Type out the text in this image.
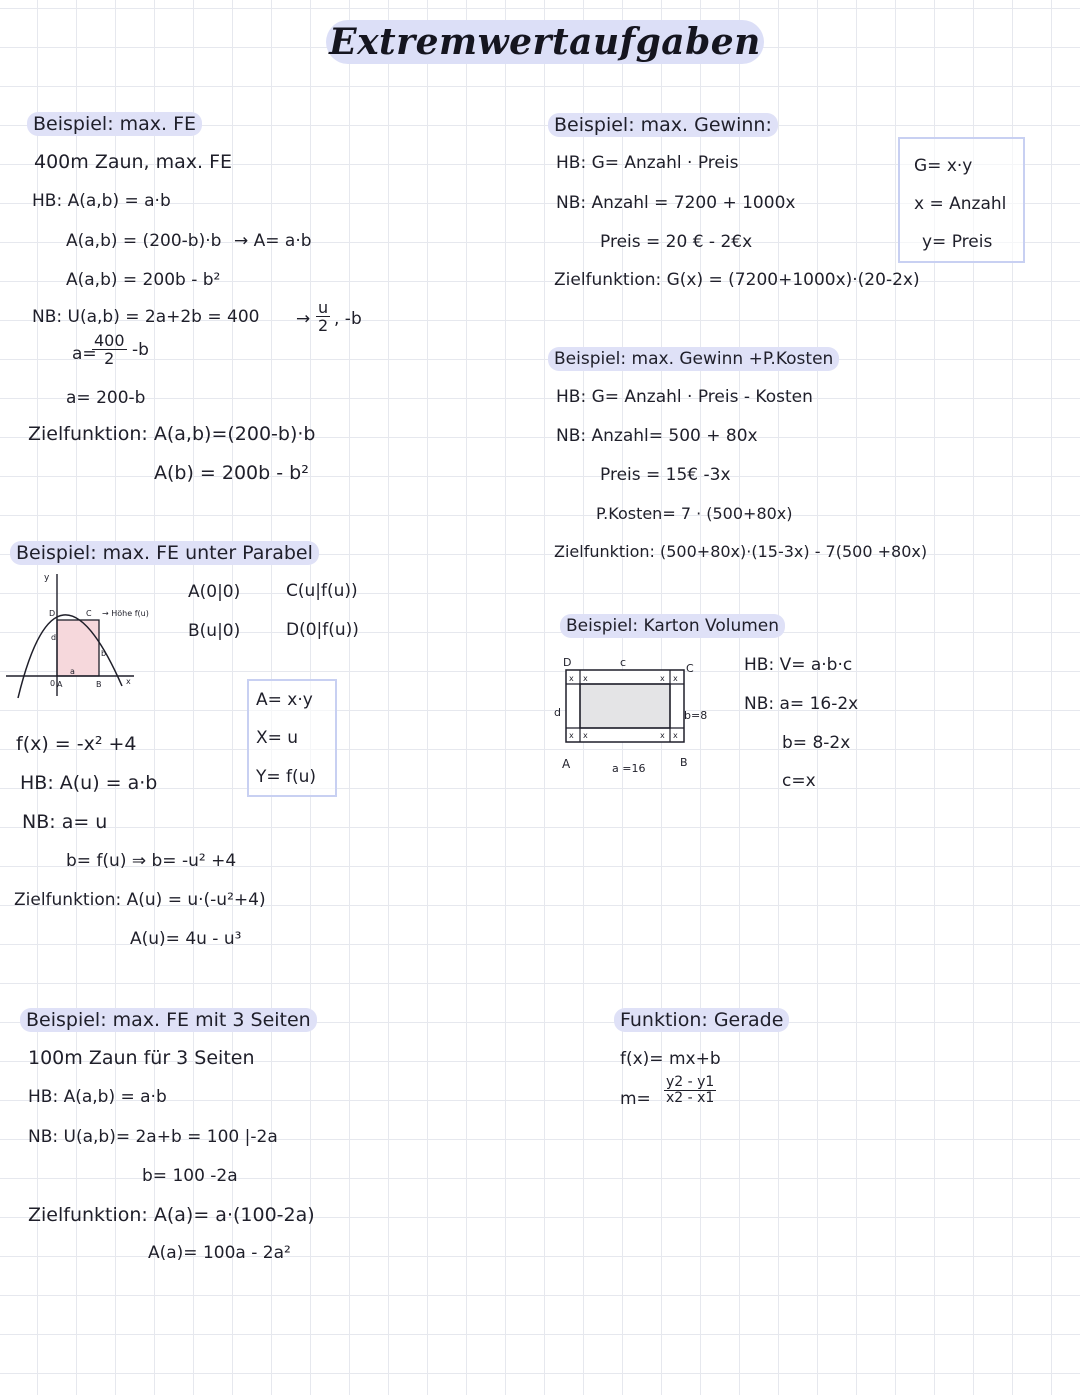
Extremwertaufgaben
Beispiel: max. FE
400m Zaun, max. FE
HB: A(a,b) = a·b
A(a,b) = (200-b)·b → A= a·b
A(a,b) = 200b - b²
NB: $U(a,b) = 2a+2b = 400 \to \frac{u}{2}$ , -b
a=
$\frac{400}{2} -b$
a= 200-b
Zielfunktion: A(a,b)=(200-b)·b
A(b) = 200b - b²
Beispiel: max. FE unter Parabel
A(0|0)
B(u|0)
C(u|f(u))
D(0|f(u))
y
D	C → Höhe f(u)
d
b
a
0 A	B	x
A= x·y
X= u
Y= f(u)
f(x) = -x² +4
HB: A(u) = a·b
NB: a= u
b= f(u) ⇒ b= -u² +4
Zielfunktion: A(u) = u·(-u²+4)
A(u)= 4u - u³
Beispiel: max. FE mit 3 Seiten
100m Zaun für 3 Seiten
HB: A(a,b) = a·b
NB: U(a,b)= 2a+b = 100 |-2a
b= 100 -2a
Zielfunktion: A(a)= a·(100-2a)
A(a)= 100a - 2a²
Beispiel: max. Gewinn:
HB: G= Anzahl · Preis
NB: Anzahl = 7200 + 1000x
Preis = 20 € - 2€x
Zielfunktion: G(x) = (7200+1000x)·(20-2x)
G= x·y
x = Anzahl
y= Preis
Beispiel: max. Gewinn +P.Kosten
HB: G= Anzahl · Preis - Kosten
NB: Anzahl= 500 + 80x
Preis = 15€ -3x
P.Kosten= 7 · (500+80x)
Zielfunktion: (500+80x)·(15-3x) - 7(500 +80x)
Beispiel: Karton Volumen
D	c	C
d
A	a =16	B
b=8
x x	x x
x x	x x
HB: V= a·b·c
NB: a= 16-2x
b= 8-2x
c=x
Funktion: Gerade
f(x)= mx+b
$m= \frac{y2 - y1}{x2 - x1}$
